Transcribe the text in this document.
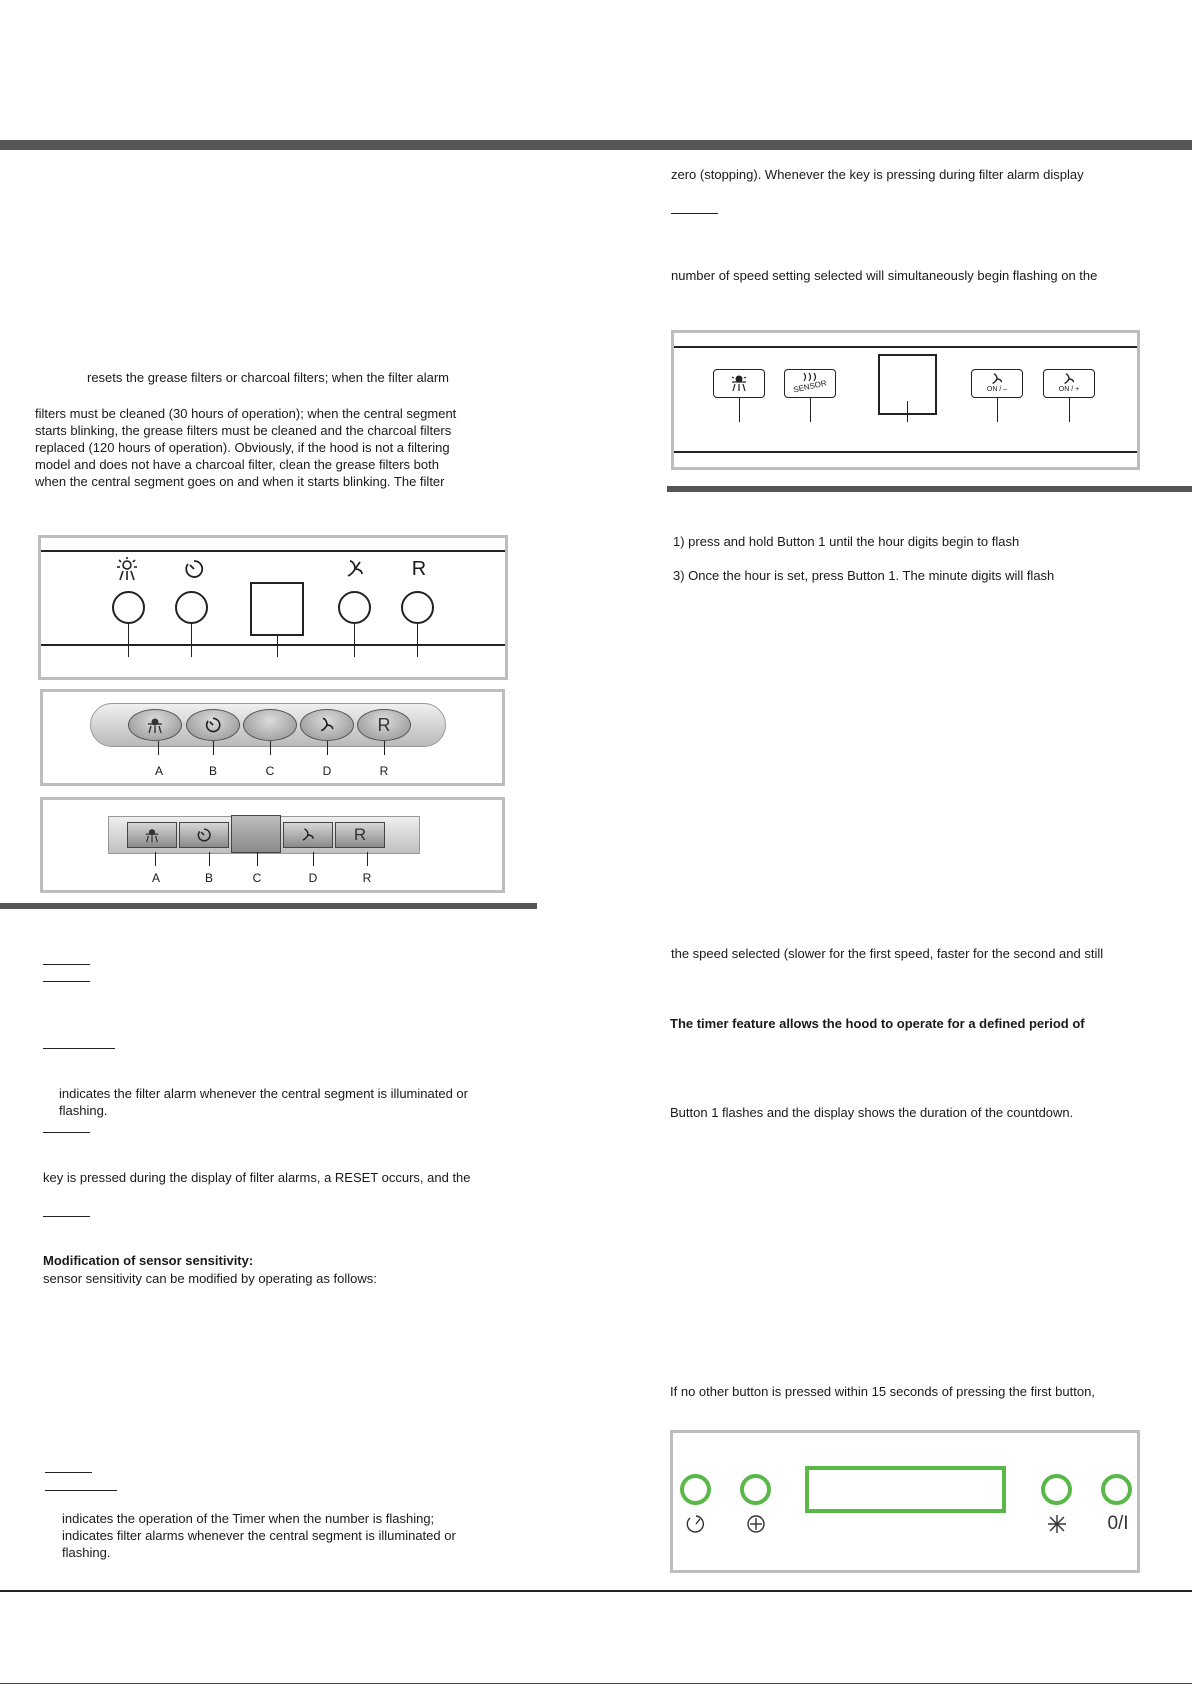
resets the grease filters or charcoal filters; when the filter alarm
filters must be cleaned (30 hours of operation); when the central segment
starts blinking, the grease filters must be cleaned and the charcoal filters
replaced (120 hours of operation). Obviously, if the hood is not a filtering
model and does not have a charcoal filter, clean the grease filters both
when the central segment goes on and when it starts blinking. The filter
R
R
A	B	C	D	R
R
A	B	C	D	R
indicates the filter alarm whenever the central segment is illuminated or
flashing.
key is pressed during the display of filter alarms, a RESET occurs, and the
Modification of sensor sensitivity:
sensor sensitivity can be modified by operating as follows:
indicates the operation of the Timer when the number is flashing;
indicates filter alarms whenever the central segment is illuminated or
flashing.
zero (stopping). Whenever the key is pressing during filter alarm display
number of speed setting selected will simultaneously begin flashing on the
SENSOR	ON / –	ON / +
1) press and hold Button 1 until the hour digits begin to flash
3) Once the hour is set, press Button 1. The minute digits will flash
the speed selected (slower for the first speed, faster for the second and still
The timer feature allows the hood to operate for a defined period of
Button 1 flashes and the display shows the duration of the countdown.
If no other button is pressed within 15 seconds of pressing the first button,
0/I
